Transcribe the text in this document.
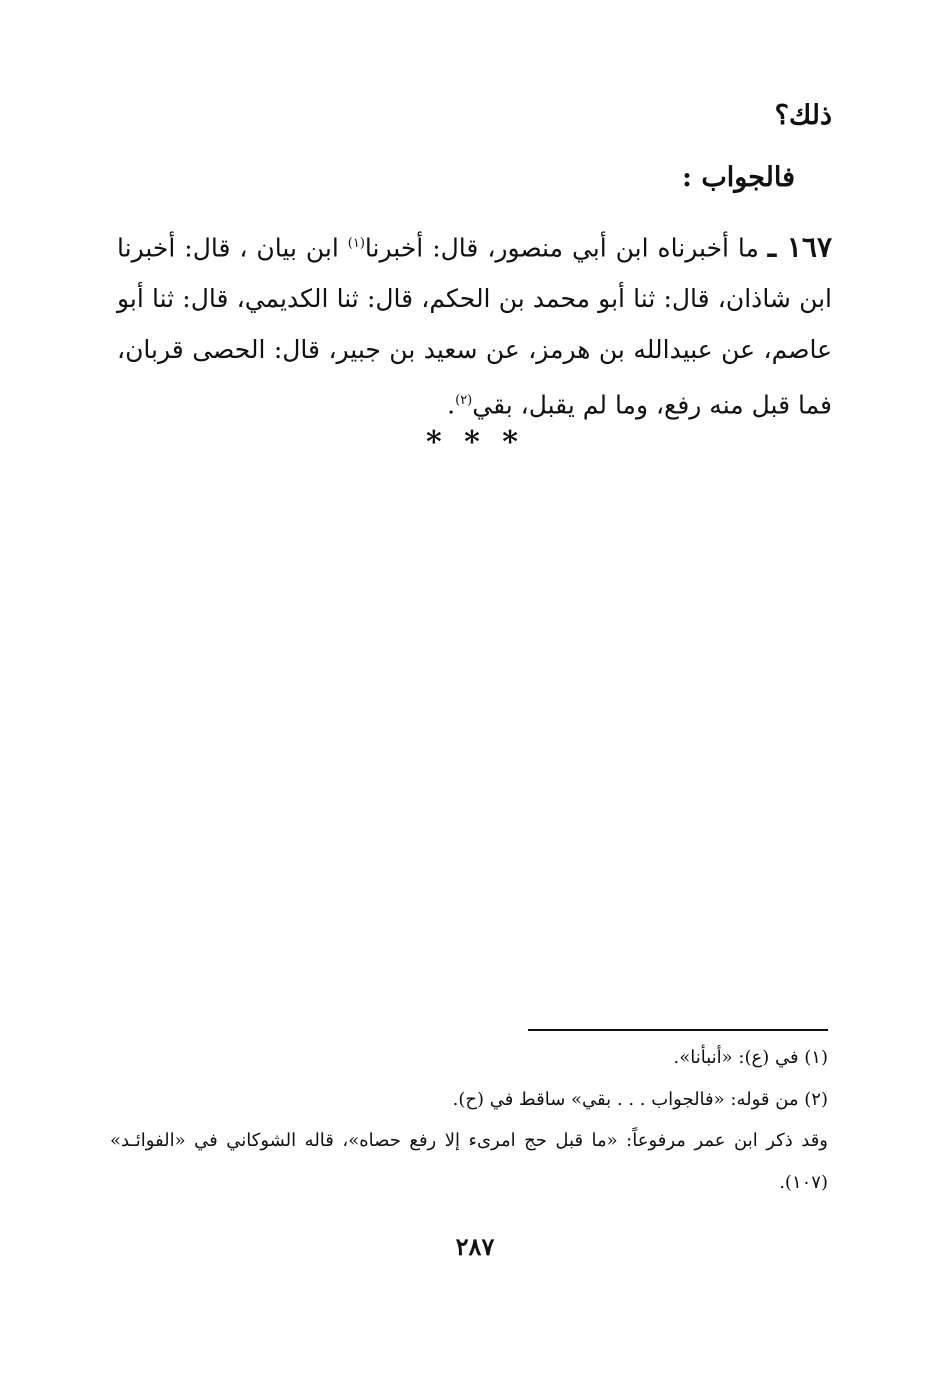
ذلك؟
فالجواب :
١٦٧ ـ ما أخبرناه ابن أبي منصور، قال: أخبرنا$^{(١)}$ ابن بيان ، قال: أخبرنا ابن شاذان، قال: ثنا أبو محمد بن الحكم، قال: ثنا الكديمي، قال: ثنا أبو عاصم، عن عبيدالله بن هرمز، عن سعيد بن جبير، قال: الحصى قربان، فما قبل منه رفع، وما لم يقبل، بقي$^{(٢)}$.
* * *
(١) في (ع): «أنبأنا».
(٢) من قوله: «فالجواب . . . بقي» ساقط في (ح).
وقد ذكر ابن عمر مرفوعاً: «ما قبل حج امرىء إلا رفع حصاه»، قاله الشوكاني في «الفوائـد»
(١٠٧).
٢٨٧
